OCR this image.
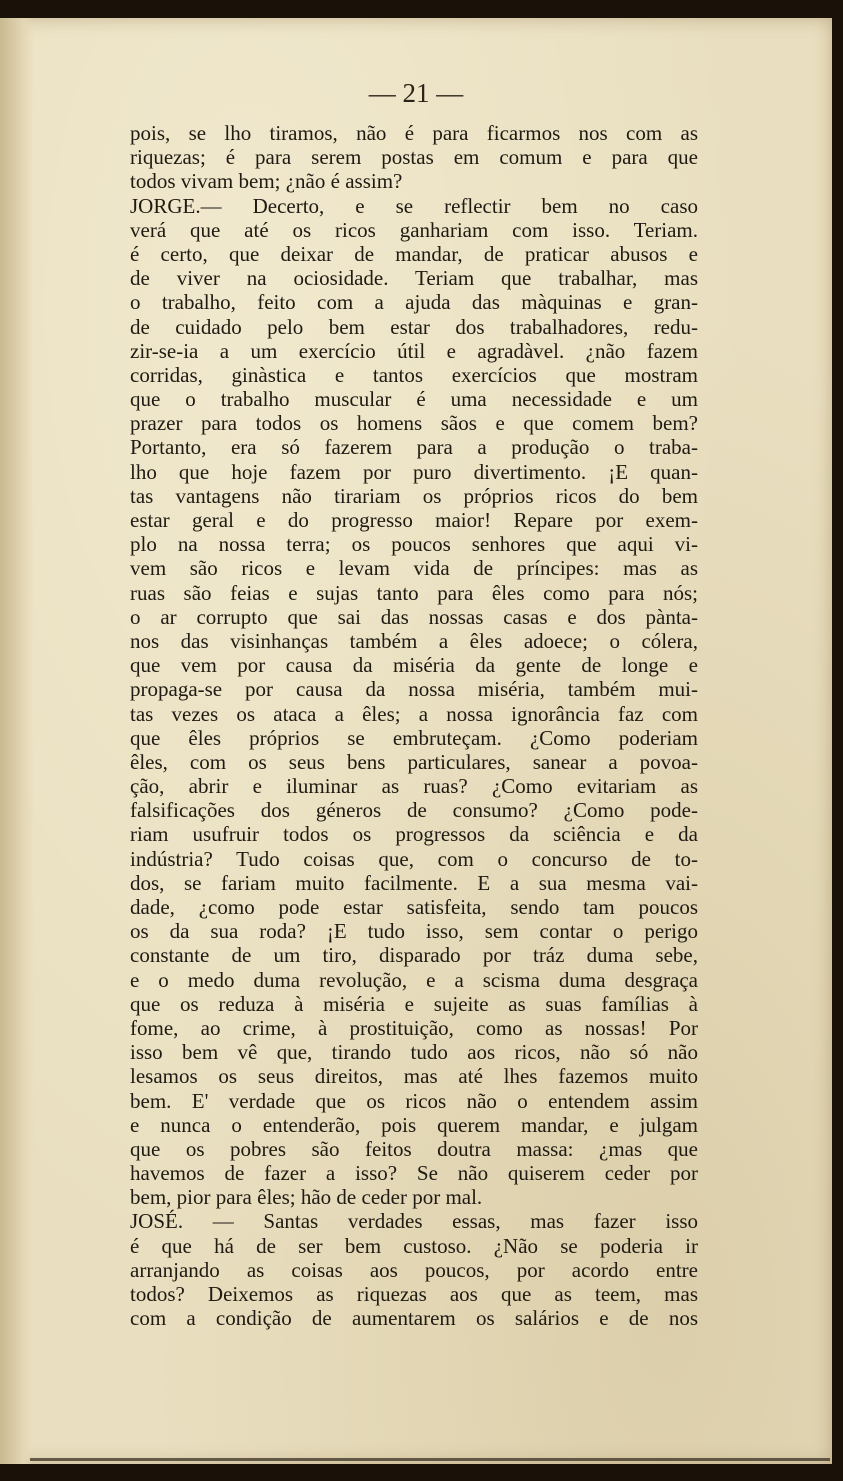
— 21 —

pois, se lho tiramos, não é para ficarmos nos com as
riquezas; é para serem postas em comum e para que
todos vivam bem; ¿não é assim?
JORGE.— Decerto, e se reflectir bem no caso
verá que até os ricos ganhariam com isso. Teriam.
é certo, que deixar de mandar, de praticar abusos e
de viver na ociosidade. Teriam que trabalhar, mas
o trabalho, feito com a ajuda das màquinas e gran-
de cuidado pelo bem estar dos trabalhadores, redu-
zir-se-ia a um exercício útil e agradàvel. ¿não fazem
corridas, ginàstica e tantos exercícios que mostram
que o trabalho muscular é uma necessidade e um
prazer para todos os homens sãos e que comem bem?
Portanto, era só fazerem para a produção o traba-
lho que hoje fazem por puro divertimento. ¡E quan-
tas vantagens não tirariam os próprios ricos do bem
estar geral e do progresso maior! Repare por exem-
plo na nossa terra; os poucos senhores que aqui vi-
vem são ricos e levam vida de príncipes: mas as
ruas são feias e sujas tanto para êles como para nós;
o ar corrupto que sai das nossas casas e dos pànta-
nos das visinhanças também a êles adoece; o cólera,
que vem por causa da miséria da gente de longe e
propaga-se por causa da nossa miséria, também mui-
tas vezes os ataca a êles; a nossa ignorância faz com
que êles próprios se embruteçam. ¿Como poderiam
êles, com os seus bens particulares, sanear a povoa-
ção, abrir e iluminar as ruas? ¿Como evitariam as
falsificações dos géneros de consumo? ¿Como pode-
riam usufruir todos os progressos da sciência e da
indústria? Tudo coisas que, com o concurso de to-
dos, se fariam muito facilmente. E a sua mesma vai-
dade, ¿como pode estar satisfeita, sendo tam poucos
os da sua roda? ¡E tudo isso, sem contar o perigo
constante de um tiro, disparado por tráz duma sebe,
e o medo duma revolução, e a scisma duma desgraça
que os reduza à miséria e sujeite as suas famílias à
fome, ao crime, à prostituição, como as nossas! Por
isso bem vê que, tirando tudo aos ricos, não só não
lesamos os seus direitos, mas até lhes fazemos muito
bem. E' verdade que os ricos não o entendem assim
e nunca o entenderão, pois querem mandar, e julgam
que os pobres são feitos doutra massa: ¿mas que
havemos de fazer a isso? Se não quiserem ceder por
bem, pior para êles; hão de ceder por mal.
JOSÉ. — Santas verdades essas, mas fazer isso
é que há de ser bem custoso. ¿Não se poderia ir
arranjando as coisas aos poucos, por acordo entre
todos? Deixemos as riquezas aos que as teem, mas
com a condição de aumentarem os salários e de nos
